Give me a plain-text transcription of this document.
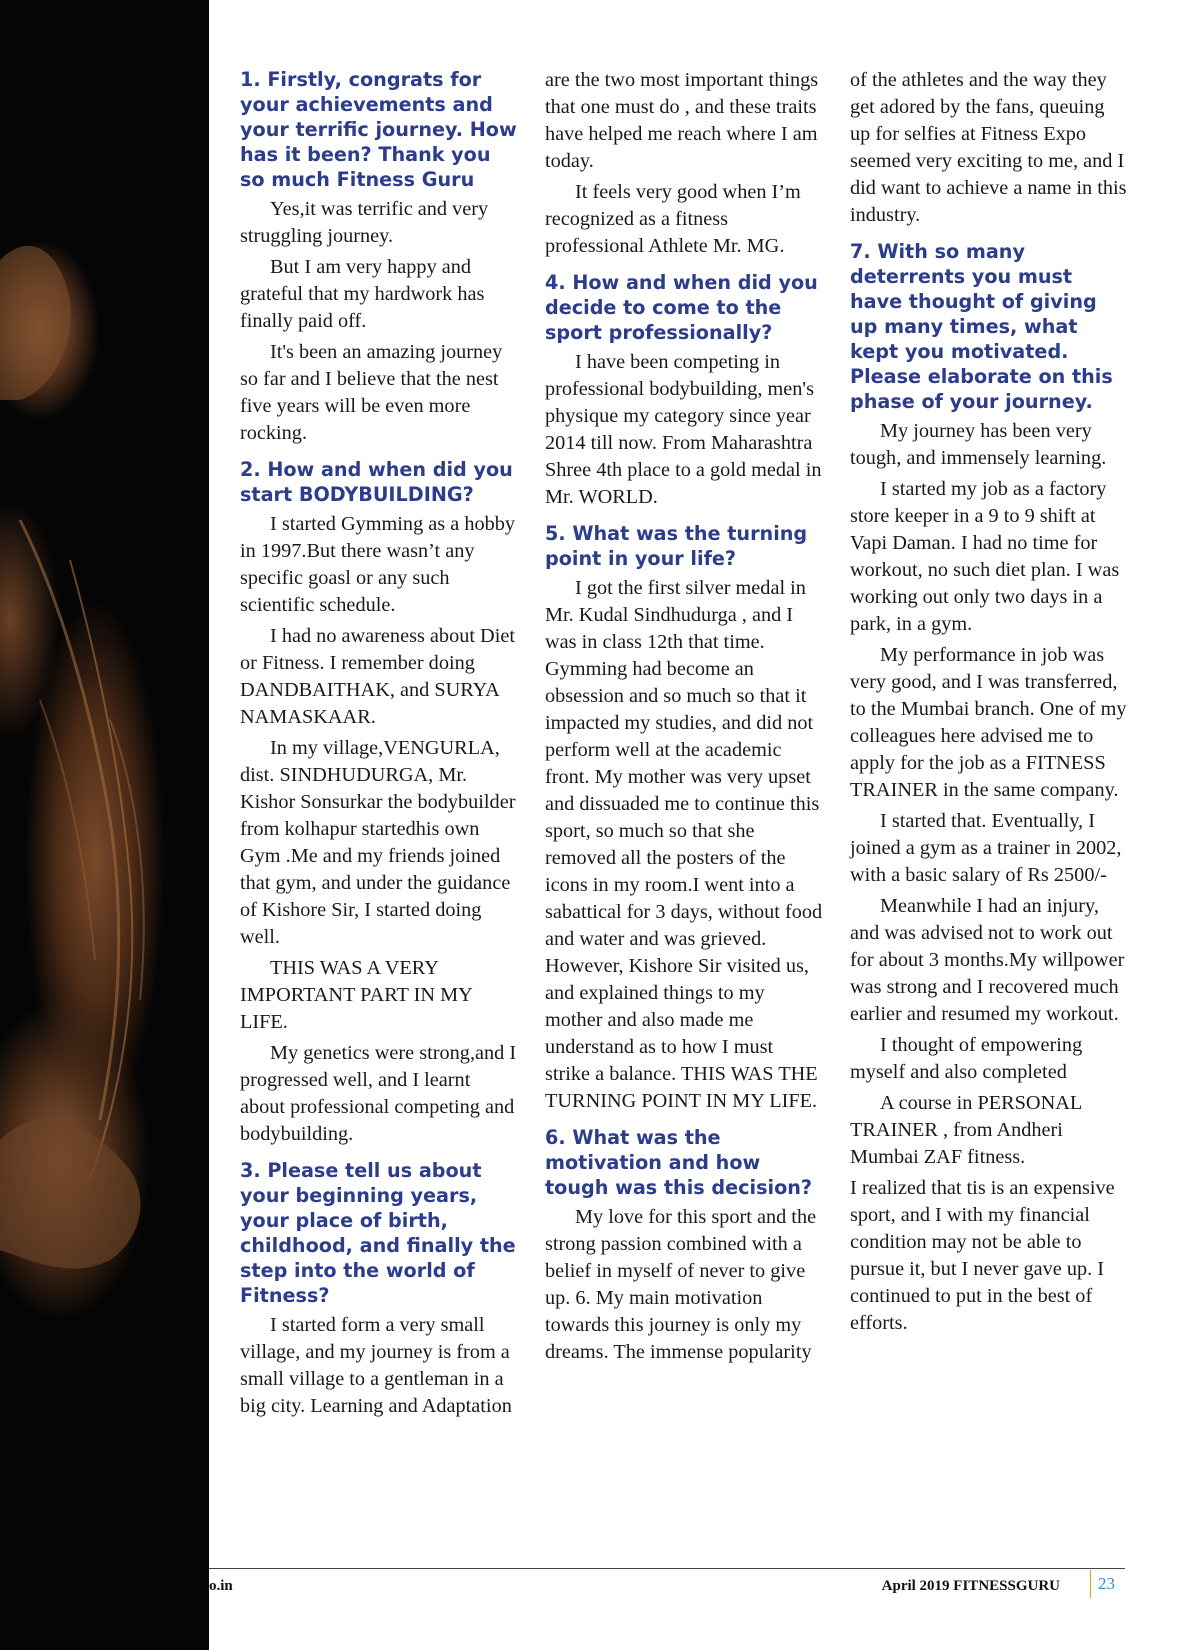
1. Firstly, congrats for your achievements and your terrific journey. How has it been? Thank you so much Fitness Guru

Yes,it was terrific and very struggling journey.

But I am very happy and grateful that my hardwork has finally paid off.

It's been an amazing journey so far and I believe that the nest five years will be even more rocking.

2. How and when did you start BODYBUILDING?

I started Gymming as a hobby in 1997.But there wasn’t any specific goasl or any such scientific schedule.

I had no awareness about Diet or Fitness. I remember doing DANDBAITHAK, and SURYA NAMASKAAR.

In my village,VENGURLA, dist. SINDHUDURGA, Mr. Kishor Sonsurkar the bodybuilder from kolhapur startedhis own Gym .Me and my friends joined that gym, and under the guidance of Kishore Sir, I started doing well.

THIS WAS A VERY IMPORTANT PART IN MY LIFE.

My genetics were strong,and I progressed well, and I learnt about professional competing and bodybuilding.

3. Please tell us about your beginning years, your place of birth, childhood, and finally the step into the world of Fitness?

I started form a very small village, and my journey is from a small village to a gentleman in a big city. Learning and Adaptation

are the two most important things that one must do , and these traits have helped me reach where I am today.

It feels very good when I’m recognized as a fitness professional Athlete Mr. MG.

4. How and when did you decide to come to the sport professionally?

I have been competing in professional bodybuilding, men's physique my category since year 2014 till now. From Maharashtra Shree 4th place to a gold medal in Mr. WORLD.

5. What was the turning point in your life?

I got the first silver medal in Mr. Kudal Sindhudurga , and I was in class 12th that time. Gymming had become an obsession and so much so that it impacted my studies, and did not perform well at the academic front. My mother was very upset and dissuaded me to continue this sport, so much so that she removed all the posters of the icons in my room.I went into a sabattical for 3 days, without food and water and was grieved. However, Kishore Sir visited us, and explained things to my mother and also made me understand as to how I must strike a balance. THIS WAS THE TURNING POINT IN MY LIFE.

6. What was the motivation and how tough was this decision?

My love for this sport and the strong passion combined with a belief in myself of never to give up. 6. My main motivation towards this journey is only my dreams. The immense popularity

of the athletes and the way they get adored by the fans, queuing up for selfies at Fitness Expo seemed very exciting to me, and I did want to achieve a name in this industry.

7. With so many deterrents you must have thought of giving up many times, what kept you motivated. Please elaborate on this phase of your journey.

My journey has been very tough, and immensely learning.

I started my job as a factory store keeper in a 9 to 9 shift at Vapi Daman. I had no time for workout, no such diet plan. I was working out only two days in a park, in a gym.

My performance in job was very good, and I was transferred, to the Mumbai branch. One of my colleagues here advised me to apply for the job as a FITNESS TRAINER in the same company.

I started that. Eventually, I joined a gym as a trainer in 2002, with a basic salary of Rs 2500/-

Meanwhile I had an injury, and was advised not to work out for about 3 months.My willpower was strong and I recovered much earlier and resumed my workout.

I thought of empowering myself and also completed

A course in PERSONAL TRAINER , from Andheri Mumbai ZAF fitness.

I realized that tis is an expensive sport, and I with my financial condition may not be able to pursue it, but I never gave up. I continued to put in the best of efforts.

o.in	April 2019 FITNESSGURU 23
